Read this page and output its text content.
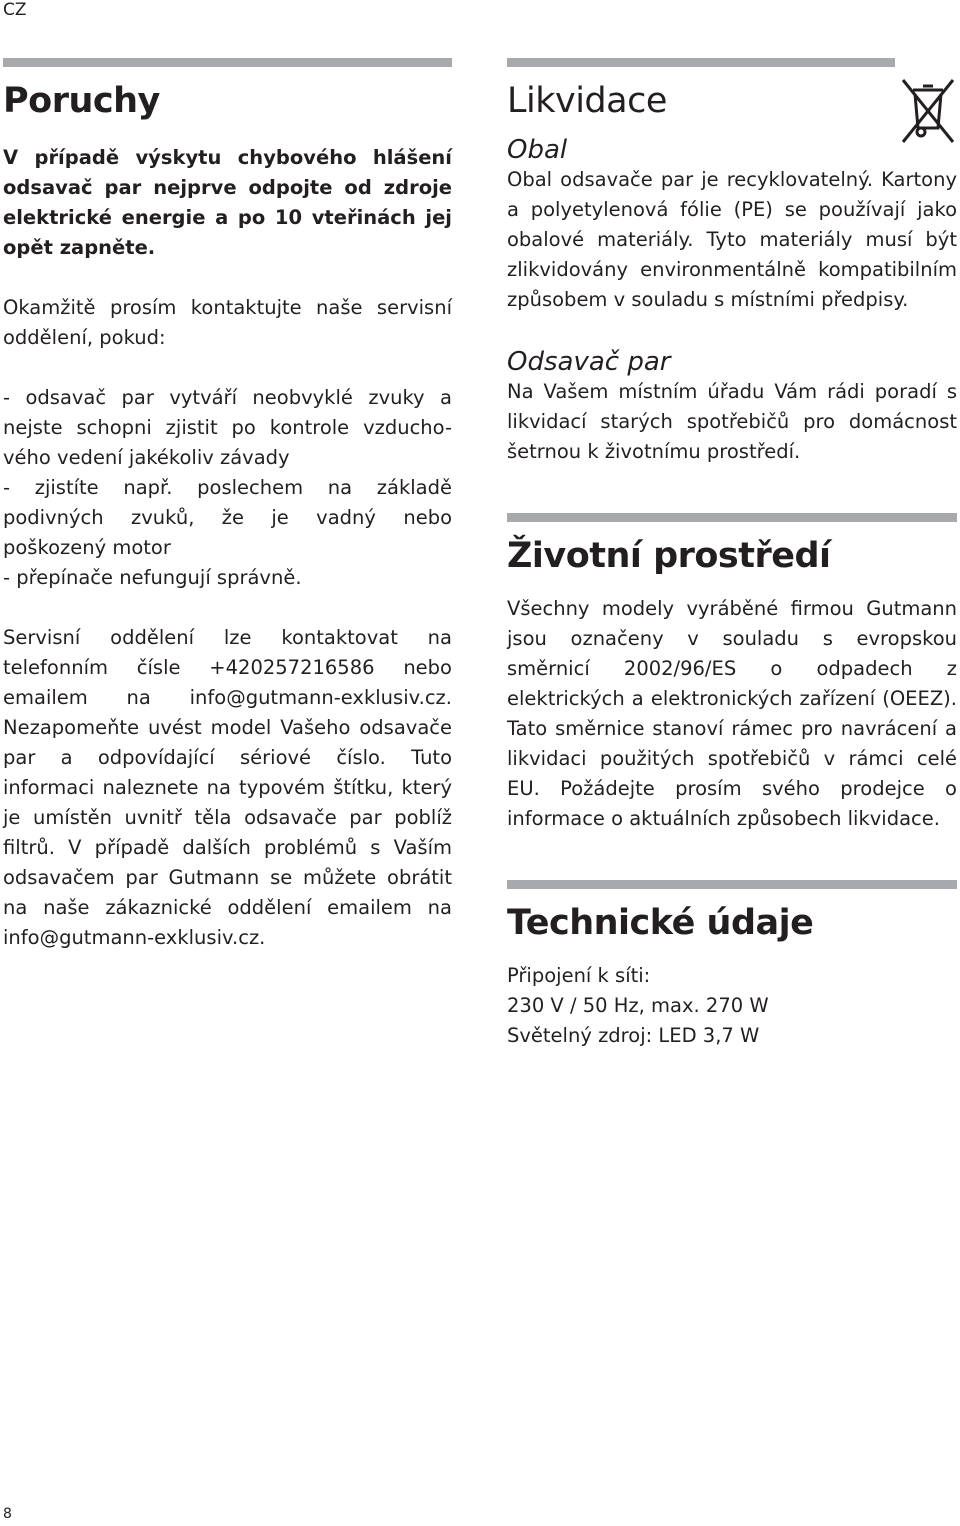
CZ
Poruchy

V případě výskytu chybového hlášení odsavač par nejprve odpojte od zdroje elektrické energie a po 10 vteřinách jej opět zapněte.

Okamžitě prosím kontaktujte naše servisní oddělení, pokud:

- odsavač par vytváří neobvyklé zvuky a nejste schopni zjistit po kontrole vzducho-vého vedení jakékoliv závady

- zjistíte např. poslechem na základě podivných zvuků, že je vadný nebo poškozený motor

- přepínače nefungují správně.

Servisní oddělení lze kontaktovat na telefonním čísle +420257216586 nebo emailem na info@gutmann-exklusiv.cz. Nezapomeňte uvést model Vašeho odsavače par a odpovídající sériové číslo. Tuto informaci naleznete na typovém štítku, který je umístěn uvnitř těla odsavače par poblíž filtrů. V případě dalších problémů s Vaším odsavačem par Gutmann se můžete obrátit na naše zákaznické oddělení emailem na info@gutmann-exklusiv.cz.

Likvidace
Obal

Obal odsavače par je recyklovatelný. Kartony a polyetylenová fólie (PE) se používají jako obalové materiály. Tyto materiály musí být zlikvidovány environmentálně kompatibilním způsobem v souladu s místními předpisy.

Odsavač par

Na Vašem místním úřadu Vám rádi poradí s likvidací starých spotřebičů pro domácnost šetrnou k životnímu prostředí.

Životní prostředí

Všechny modely vyráběné firmou Gutmann jsou označeny v souladu s evropskou směrnicí 2002/96/ES o odpadech z elektrických a elektronických zařízení (OEEZ). Tato směrnice stanoví rámec pro navrácení a likvidaci použitých spotřebičů v rámci celé EU. Požádejte prosím svého prodejce o informace o aktuálních způsobech likvidace.

Technické údaje

Připojení k síti:

230 V / 50 Hz, max. 270 W

Světelný zdroj: LED 3,7 W

8
